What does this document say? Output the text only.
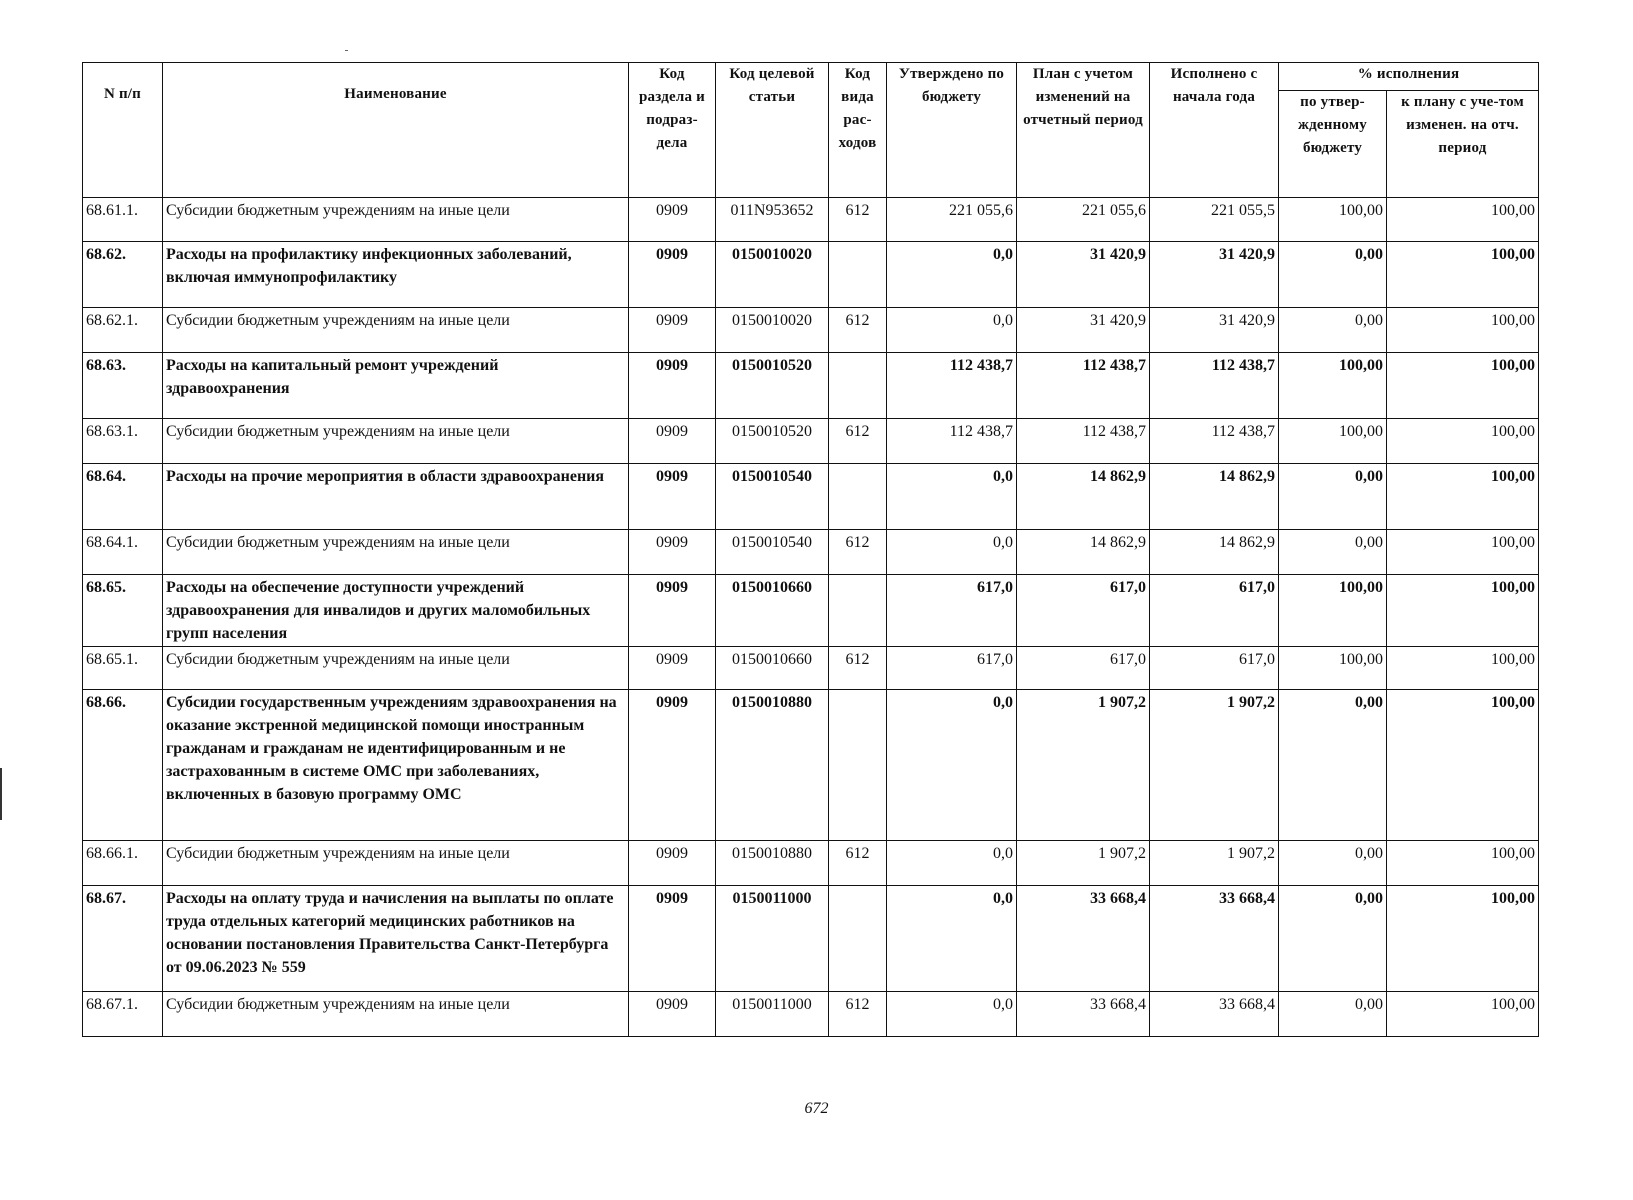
N п/п	Наименование	Код раздела и подраз-дела	Код целевой статьи	Код вида рас-ходов	Утверждено по бюджету	План с учетом изменений на отчетный период	Исполнено с начала года	% исполнения	
								по утвер-жденному бюджету	к плану с уче-том изменен. на отч. период
68.61.1.	Субсидии бюджетным учреждениям на иные цели	0909	011N953652	612	221 055,6	221 055,6	221 055,5	100,00	100,00
68.62.	Расходы на профилактику инфекционных заболеваний, включая иммунопрофилактику	0909	0150010020		0,0	31 420,9	31 420,9	0,00	100,00
68.62.1.	Субсидии бюджетным учреждениям на иные цели	0909	0150010020	612	0,0	31 420,9	31 420,9	0,00	100,00
68.63.	Расходы на капитальный ремонт учреждений здравоохранения	0909	0150010520		112 438,7	112 438,7	112 438,7	100,00	100,00
68.63.1.	Субсидии бюджетным учреждениям на иные цели	0909	0150010520	612	112 438,7	112 438,7	112 438,7	100,00	100,00
68.64.	Расходы на прочие мероприятия в области здравоохранения	0909	0150010540		0,0	14 862,9	14 862,9	0,00	100,00
68.64.1.	Субсидии бюджетным учреждениям на иные цели	0909	0150010540	612	0,0	14 862,9	14 862,9	0,00	100,00
68.65.	Расходы на обеспечение доступности учреждений здравоохранения для инвалидов и других маломобильных групп населения	0909	0150010660		617,0	617,0	617,0	100,00	100,00
68.65.1.	Субсидии бюджетным учреждениям на иные цели	0909	0150010660	612	617,0	617,0	617,0	100,00	100,00
68.66.	Субсидии государственным учреждениям здравоохранения на оказание экстренной медицинской помощи иностранным гражданам и гражданам не идентифицированным и не застрахованным в системе ОМС при заболеваниях, включенных в базовую программу ОМС	0909	0150010880		0,0	1 907,2	1 907,2	0,00	100,00
68.66.1.	Субсидии бюджетным учреждениям на иные цели	0909	0150010880	612	0,0	1 907,2	1 907,2	0,00	100,00
68.67.	Расходы на оплату труда и начисления на выплаты по оплате труда отдельных категорий медицинских работников на основании постановления Правительства Санкт-Петербурга от 09.06.2023 № 559	0909	0150011000		0,0	33 668,4	33 668,4	0,00	100,00
68.67.1.	Субсидии бюджетным учреждениям на иные цели	0909	0150011000	612	0,0	33 668,4	33 668,4	0,00	100,00
672
